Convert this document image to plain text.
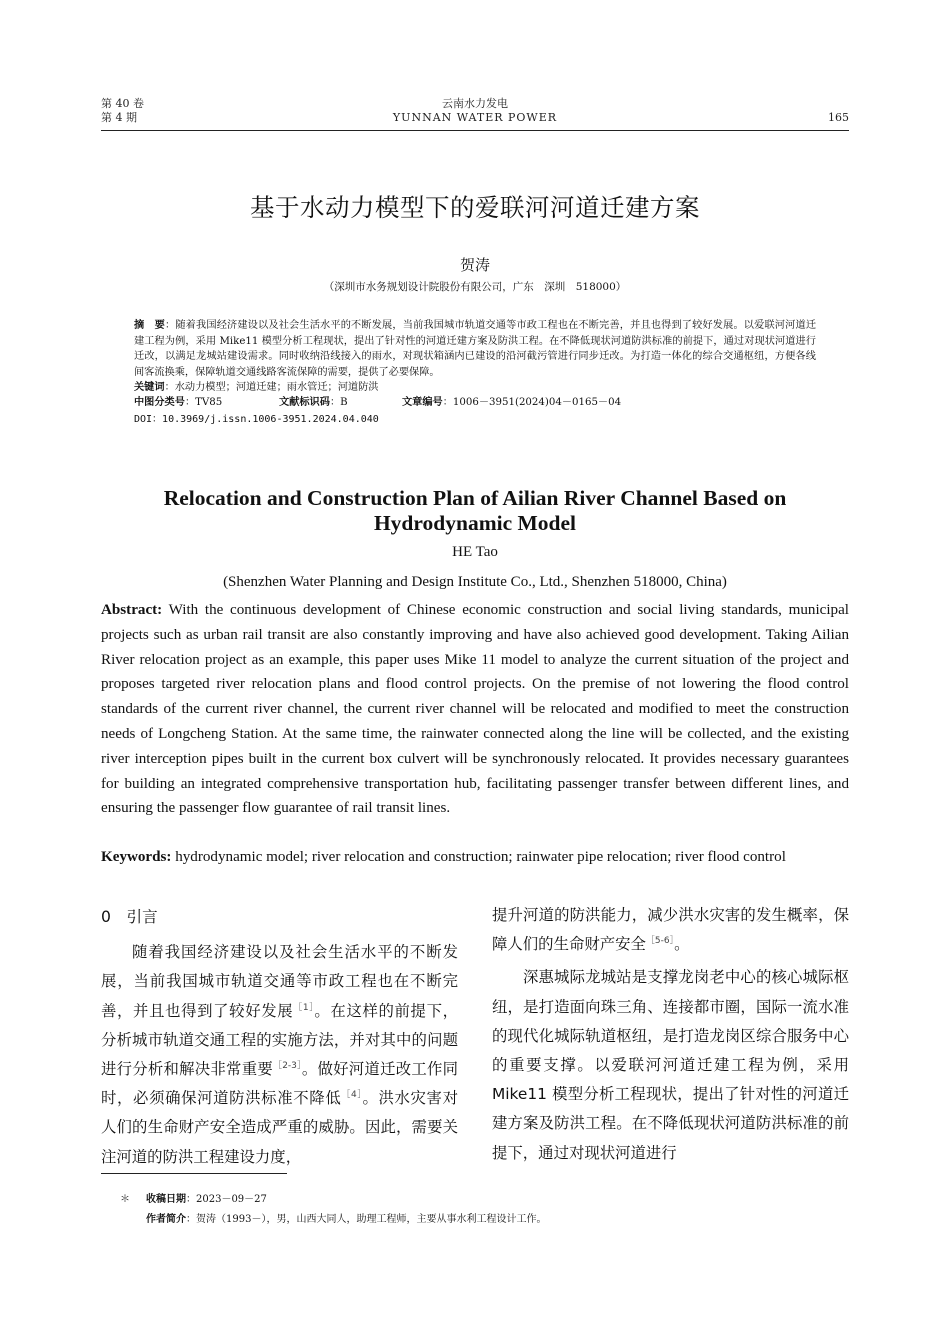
第 40 卷
第 4 期
云南水力发电
YUNNAN WATER POWER	165
基于水动力模型下的爱联河河道迁建方案
贺涛
（深圳市水务规划设计院股份有限公司，广东　深圳　518000）
摘　要：随着我国经济建设以及社会生活水平的不断发展，当前我国城市轨道交通等市政工程也在不断完善，并且也得到了较好发展。以爱联河河道迁建工程为例，采用 Mike11 模型分析工程现状，提出了针对性的河道迁建方案及防洪工程。在不降低现状河道防洪标准的前提下，通过对现状河道进行迁改，以满足龙城站建设需求。同时收纳沿线接入的雨水，对现状箱涵内已建设的沿河截污管进行同步迁改。为打造一体化的综合交通枢纽，方便各线间客流换乘，保障轨道交通线路客流保障的需要，提供了必要保障。
关键词：水动力模型；河道迁建；雨水管迁；河道防洪
中图分类号：TV85	文献标识码：B	文章编号：1006－3951(2024)04－0165－04
DOI：10.3969/j.issn.1006-3951.2024.04.040
Relocation and Construction Plan of Ailian River Channel Based on Hydrodynamic Model
HE Tao
(Shenzhen Water Planning and Design Institute Co., Ltd., Shenzhen 518000, China)
Abstract: With the continuous development of Chinese economic construction and social living standards, municipal projects such as urban rail transit are also constantly improving and have also achieved good development. Taking Ailian River relocation project as an example, this paper uses Mike 11 model to analyze the current situation of the project and proposes targeted river relocation plans and flood control projects. On the premise of not lowering the flood control standards of the current river channel, the current river channel will be relocated and modified to meet the construction needs of Longcheng Station. At the same time, the rainwater connected along the line will be collected, and the existing river interception pipes built in the current box culvert will be synchronously relocated. It provides necessary guarantees for building an integrated comprehensive transportation hub, facilitating passenger transfer between different lines, and ensuring the passenger flow guarantee of rail transit lines.
Keywords: hydrodynamic model; river relocation and construction; rainwater pipe relocation; river flood control
0　引言

随着我国经济建设以及社会生活水平的不断发展，当前我国城市轨道交通等市政工程也在不断完善，并且也得到了较好发展$^{[1]}$。在这样的前提下，分析城市轨道交通工程的实施方法，并对其中的问题进行分析和解决非常重要$^{[2-3]}$。做好河道迁改工作同时，必须确保河道防洪标准不降低$^{[4]}$。洪水灾害对人们的生命财产安全造成严重的威胁。因此，需要关注河道的防洪工程建设力度，

提升河道的防洪能力，减少洪水灾害的发生概率，保障人们的生命财产安全$^{[5-6]}$。

深惠城际龙城站是支撑龙岗老中心的核心城际枢纽，是打造面向珠三角、连接都市圈，国际一流水准的现代化城际轨道枢纽，是打造龙岗区综合服务中心的重要支撑。以爱联河河道迁建工程为例，采用 Mike11 模型分析工程现状，提出了针对性的河道迁建方案及防洪工程。在不降低现状河道防洪标准的前提下，通过对现状河道进行

＊ 收稿日期：2023－09－27
作者简介：贺涛（1993－），男，山西大同人，助理工程师，主要从事水利工程设计工作。
